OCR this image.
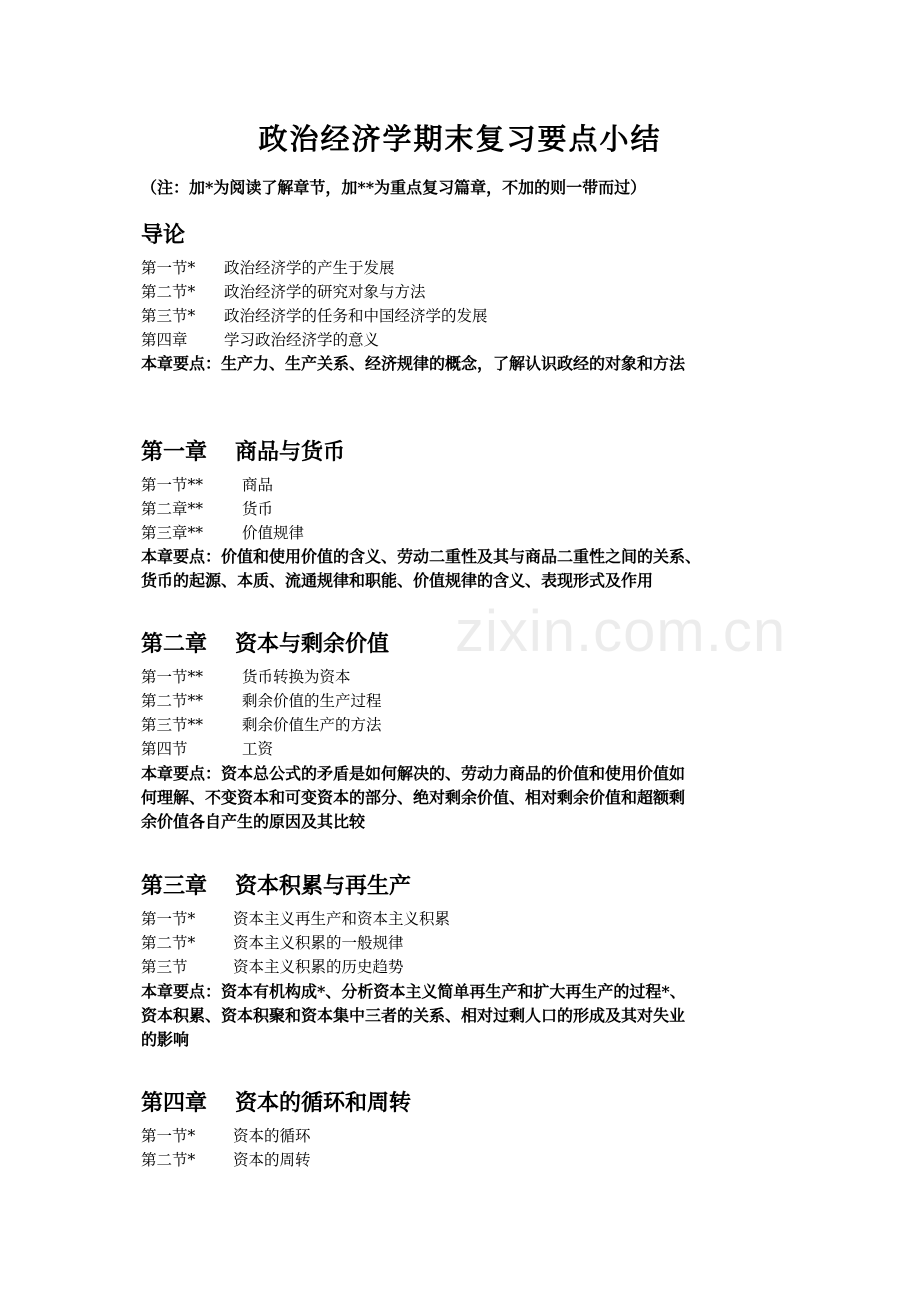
zixin.com.cn
政治经济学期末复习要点小结
（注：加*为阅读了解章节，加**为重点复习篇章，不加的则一带而过）
导论
第一节* 政治经济学的产生于发展
第二节* 政治经济学的研究对象与方法
第三节* 政治经济学的任务和中国经济学的发展
第四章 学习政治经济学的意义
本章要点：生产力、生产关系、经济规律的概念，了解认识政经的对象和方法
第一章 商品与货币
第一节**	商品
第二章**	货币
第三章**	价值规律
本章要点：价值和使用价值的含义、劳动二重性及其与商品二重性之间的关系、
货币的起源、本质、流通规律和职能、价值规律的含义、表现形式及作用
第二章 资本与剩余价值
第一节**	货币转换为资本
第二节**	剩余价值的生产过程
第三节**	剩余价值生产的方法
第四节	工资
本章要点：资本总公式的矛盾是如何解决的、劳动力商品的价值和使用价值如
何理解、不变资本和可变资本的部分、绝对剩余价值、相对剩余价值和超额剩
余价值各自产生的原因及其比较
第三章 资本积累与再生产
第一节* 资本主义再生产和资本主义积累
第二节* 资本主义积累的一般规律
第三节	资本主义积累的历史趋势
本章要点：资本有机构成*、分析资本主义简单再生产和扩大再生产的过程*、
资本积累、资本积聚和资本集中三者的关系、相对过剩人口的形成及其对失业
的影响
第四章 资本的循环和周转
第一节* 资本的循环
第二节* 资本的周转
